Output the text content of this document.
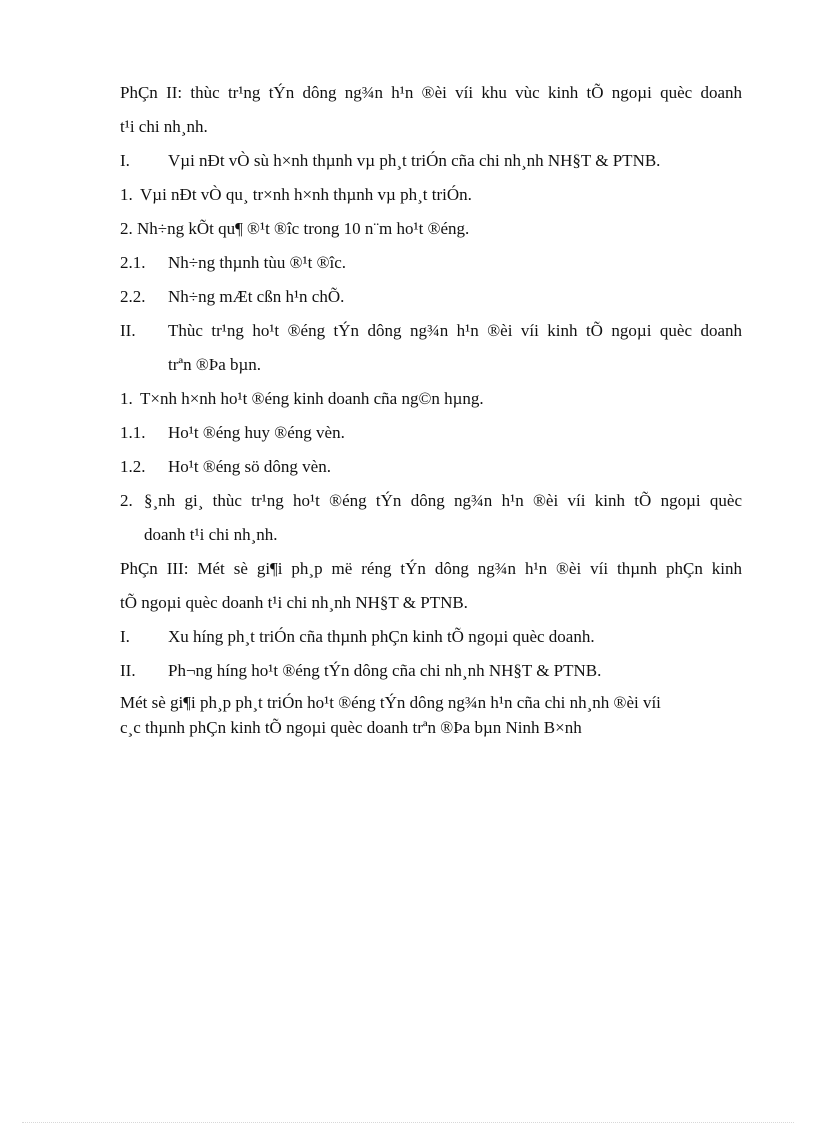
PhÇn II: thùc tr¹ng tÝn dông ng¾n h¹n ®èi víi khu vùc kinh tÕ ngoµi quèc doanh
t¹i chi nh¸nh.
I. Vµi nÐt vÒ sù h×nh thµnh vµ ph¸t triÓn cña chi nh¸nh NH§T & PTNB.
1. Vµi nÐt vÒ qu¸ tr×nh h×nh thµnh vµ ph¸t triÓn.
2. Nh÷ng kÕt qu¶ ®¹t ®îc trong 10 n¨m ho¹t ®éng.
2.1. Nh÷ng thµnh tùu ®¹t ®îc.
2.2. Nh÷ng mÆt cßn h¹n chÕ.
II. Thùc tr¹ng ho¹t ®éng tÝn dông ng¾n h¹n ®èi víi kinh tÕ ngoµi quèc doanh
trªn ®Þa bµn.
1. T×nh h×nh ho¹t ®éng kinh doanh cña ng©n hµng.
1.1. Ho¹t ®éng huy ®éng vèn.
1.2. Ho¹t ®éng sö dông vèn.
2. §¸nh gi¸ thùc tr¹ng ho¹t ®éng tÝn dông ng¾n h¹n ®èi víi kinh tÕ ngoµi quèc
doanh t¹i chi nh¸nh.
PhÇn III: Mét sè gi¶i ph¸p më réng tÝn dông ng¾n h¹n ®èi víi thµnh phÇn kinh
tÕ ngoµi quèc doanh t¹i chi nh¸nh NH§T & PTNB.
I. Xu híng ph¸t triÓn cña thµnh phÇn kinh tÕ ngoµi quèc doanh.
II. Ph¬ng híng ho¹t ®éng tÝn dông cña chi nh¸nh NH§T & PTNB.
Mét sè gi¶i ph¸p ph¸t triÓn ho¹t ®éng tÝn dông ng¾n h¹n cña chi nh¸nh ®èi víi
c¸c thµnh phÇn kinh tÕ ngoµi quèc doanh trªn ®Þa bµn Ninh B×nh
